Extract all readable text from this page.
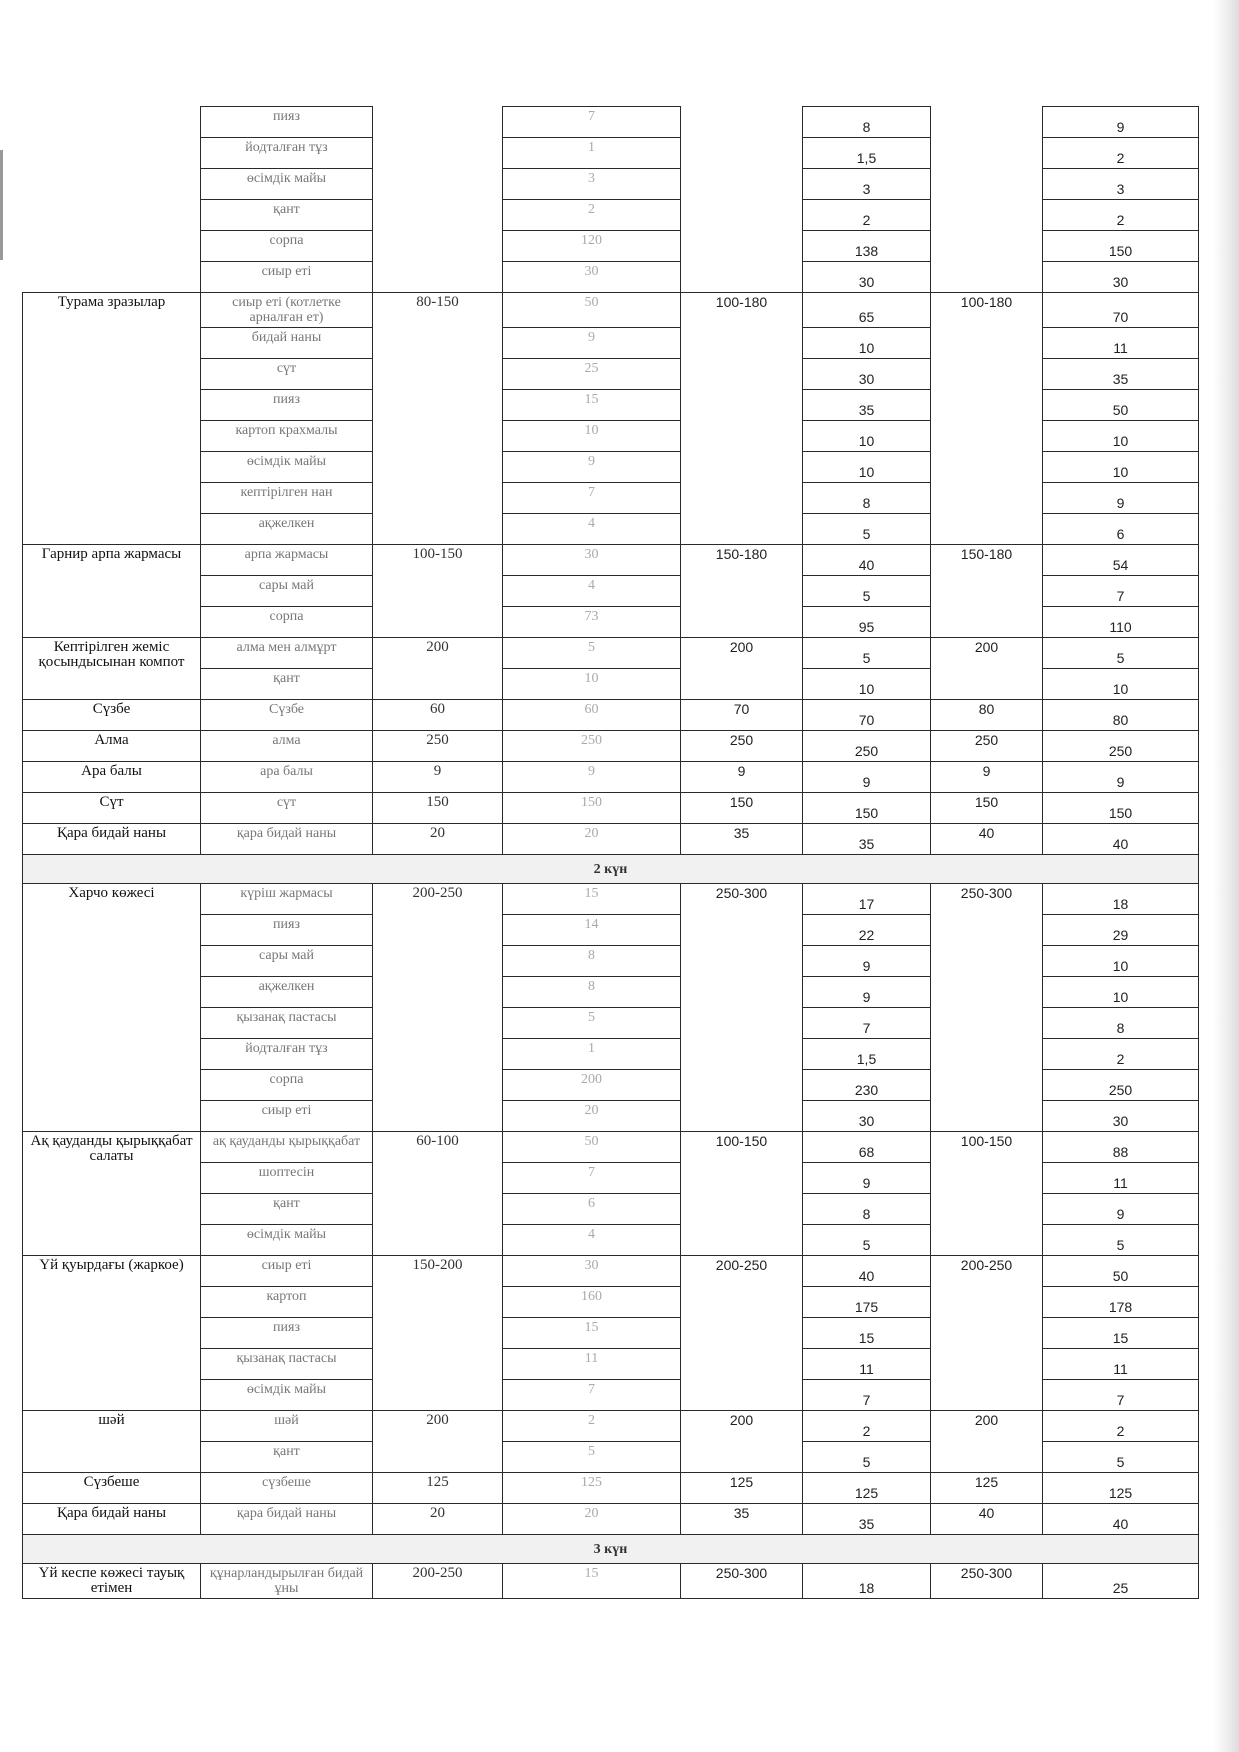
	пияз		7		8		9
	йодталған тұз		1		1,5		2
	өсімдік майы		3		3		3
	қант		2		2		2
	сорпа		120		138		150
	сиыр еті		30		30		30
Турама зразылар	сиыр еті (котлетке арналған ет)	80-150	50	100-180	65	100-180	70
	бидай наны		9		10		11
	сүт		25		30		35
	пияз		15		35		50
	картоп крахмалы		10		10		10
	өсімдік майы		9		10		10
	кептірілген нан		7		8		9
	ақжелкен		4		5		6
Гарнир арпа жармасы	арпа жармасы	100-150	30	150-180	40	150-180	54
	сары май		4		5		7
	сорпа		73		95		110
Кептірілген жеміс қосындысынан компот	алма мен алмұрт	200	5	200	5	200	5
	қант		10		10		10
Сүзбе	Сүзбе	60	60	70	70	80	80
Алма	алма	250	250	250	250	250	250
Ара балы	ара балы	9	9	9	9	9	9
Сүт	сүт	150	150	150	150	150	150
Қара бидай наны	қара бидай наны	20	20	35	35	40	40
2 күн							
Харчо көжесі	күріш жармасы	200-250	15	250-300	17	250-300	18
	пияз		14		22		29
	сары май		8		9		10
	ақжелкен		8		9		10
	қызанақ пастасы		5		7		8
	йодталған тұз		1		1,5		2
	сорпа		200		230		250
	сиыр еті		20		30		30
Ақ қауданды қырыққабат салаты	ақ қауданды қырыққабат	60-100	50	100-150	68	100-150	88
	шоптесін		7		9		11
	қант		6		8		9
	өсімдік майы		4		5		5
Үй қуырдағы (жаркое)	сиыр еті	150-200	30	200-250	40	200-250	50
	картоп		160		175		178
	пияз		15		15		15
	қызанақ пастасы		11		11		11
	өсімдік майы		7		7		7
шәй	шәй	200	2	200	2	200	2
	қант		5		5		5
Сүзбеше	сүзбеше	125	125	125	125	125	125
Қара бидай наны	қара бидай наны	20	20	35	35	40	40
3 күн							
Үй кеспе көжесі тауық етімен	құнарландырылған бидай ұны	200-250	15	250-300	18	250-300	25
